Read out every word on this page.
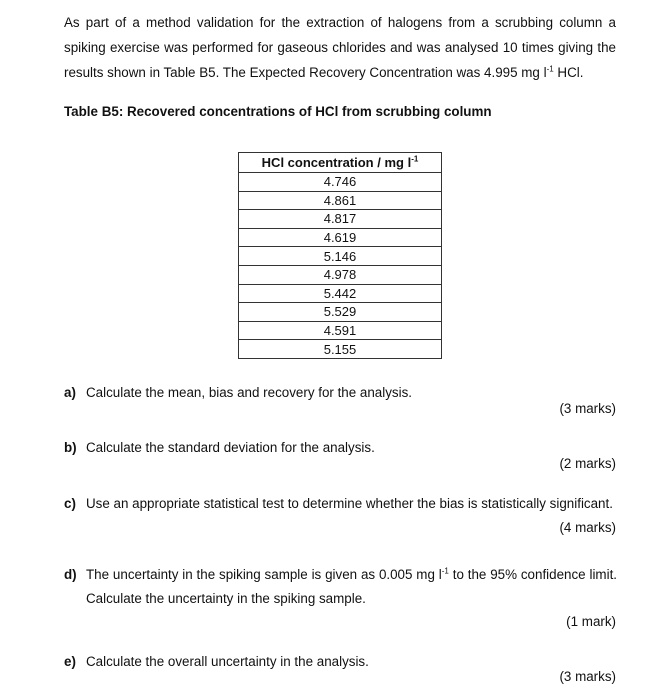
As part of a method validation for the extraction of halogens from a scrubbing column a spiking exercise was performed for gaseous chlorides and was analysed 10 times giving the results shown in Table B5. The Expected Recovery Concentration was 4.995 mg $l^{-1}$ HCl.

Table B5: Recovered concentrations of HCl from scrubbing column
HCl concentration / mg $l^{-1}$
4.746
4.861
4.817
4.619
5.146
4.978
5.442
5.529
4.591
5.155
a) Calculate the mean, bias and recovery for the analysis.
(3 marks)
b) Calculate the standard deviation for the analysis.
(2 marks)
c) Use an appropriate statistical test to determine whether the bias is statistically significant.
(4 marks)
d) The uncertainty in the spiking sample is given as 0.005 mg $l^{-1}$ to the 95% confidence limit. Calculate the uncertainty in the spiking sample.
(1 mark)
e) Calculate the overall uncertainty in the analysis.
(3 marks)
